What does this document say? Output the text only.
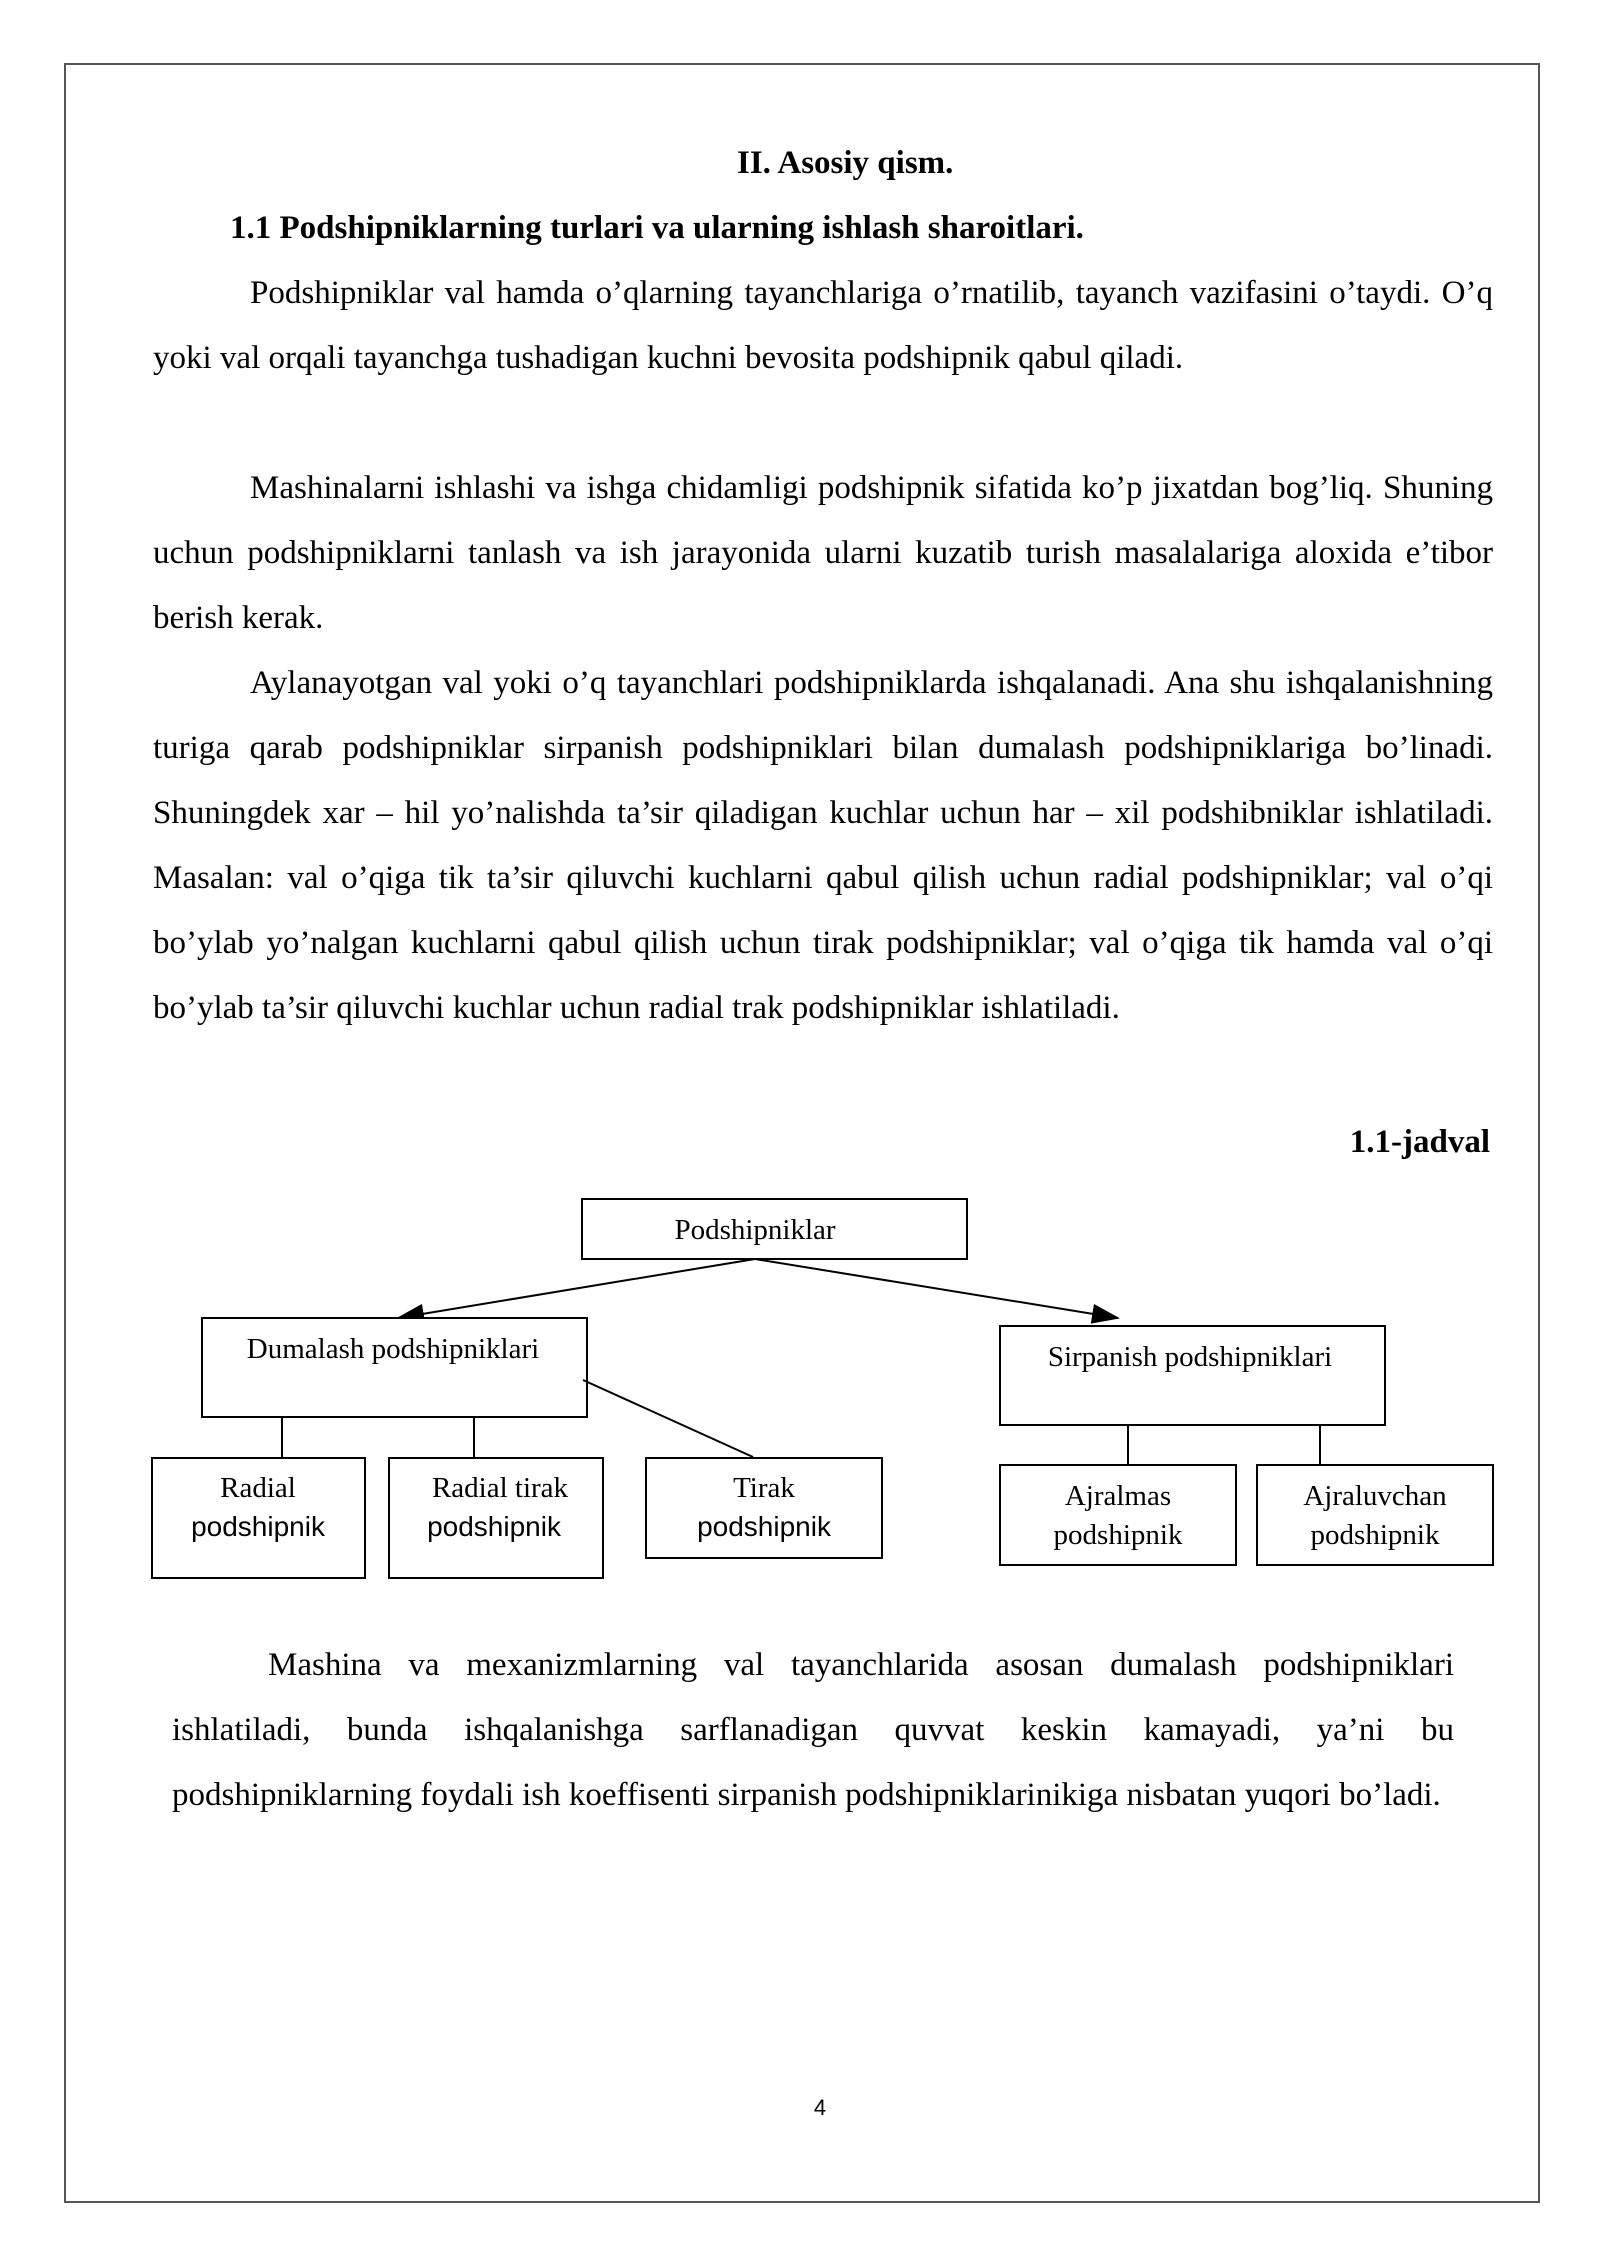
II. Asosiy qism.
1.1 Podshipniklarning turlari va ularning ishlash sharoitlari.
Podshipniklar val hamda o’qlarning tayanchlariga o’rnatilib, tayanch vazifasini o’taydi. O’q yoki val orqali tayanchga tushadigan kuchni bevosita podshipnik qabul qiladi.
Mashinalarni ishlashi va ishga chidamligi podshipnik sifatida ko’p jixatdan bog’liq. Shuning uchun podshipniklarni tanlash va ish jarayonida ularni kuzatib turish masalalariga aloxida e’tibor berish kerak.
Aylanayotgan val yoki o’q tayanchlari podshipniklarda ishqalanadi. Ana shu ishqalanishning turiga qarab podshipniklar sirpanish podshipniklari bilan dumalash podshipniklariga bo’linadi. Shuningdek xar – hil yo’nalishda ta’sir qiladigan kuchlar uchun har – xil podshibniklar ishlatiladi. Masalan: val o’qiga tik ta’sir qiluvchi kuchlarni qabul qilish uchun radial podshipniklar; val o’qi bo’ylab yo’nalgan kuchlarni qabul qilish uchun tirak podshipniklar; val o’qiga tik hamda val o’qi bo’ylab ta’sir qiluvchi kuchlar uchun radial trak podshipniklar ishlatiladi.
1.1-jadval
Podshipniklar
Dumalash podshipniklari	Sirpanish podshipniklari
Radial
podshipnik
Radial tirak
podshipnik
Tirak
podshipnik
Ajralmas
podshipnik
Ajraluvchan
podshipnik
Mashina va mexanizmlarning val tayanchlarida asosan dumalash podshipniklari ishlatiladi, bunda ishqalanishga sarflanadigan quvvat keskin kamayadi, ya’ni bu podshipniklarning foydali ish koeffisenti sirpanish podshipniklarinikiga nisbatan yuqori bo’ladi.
4
